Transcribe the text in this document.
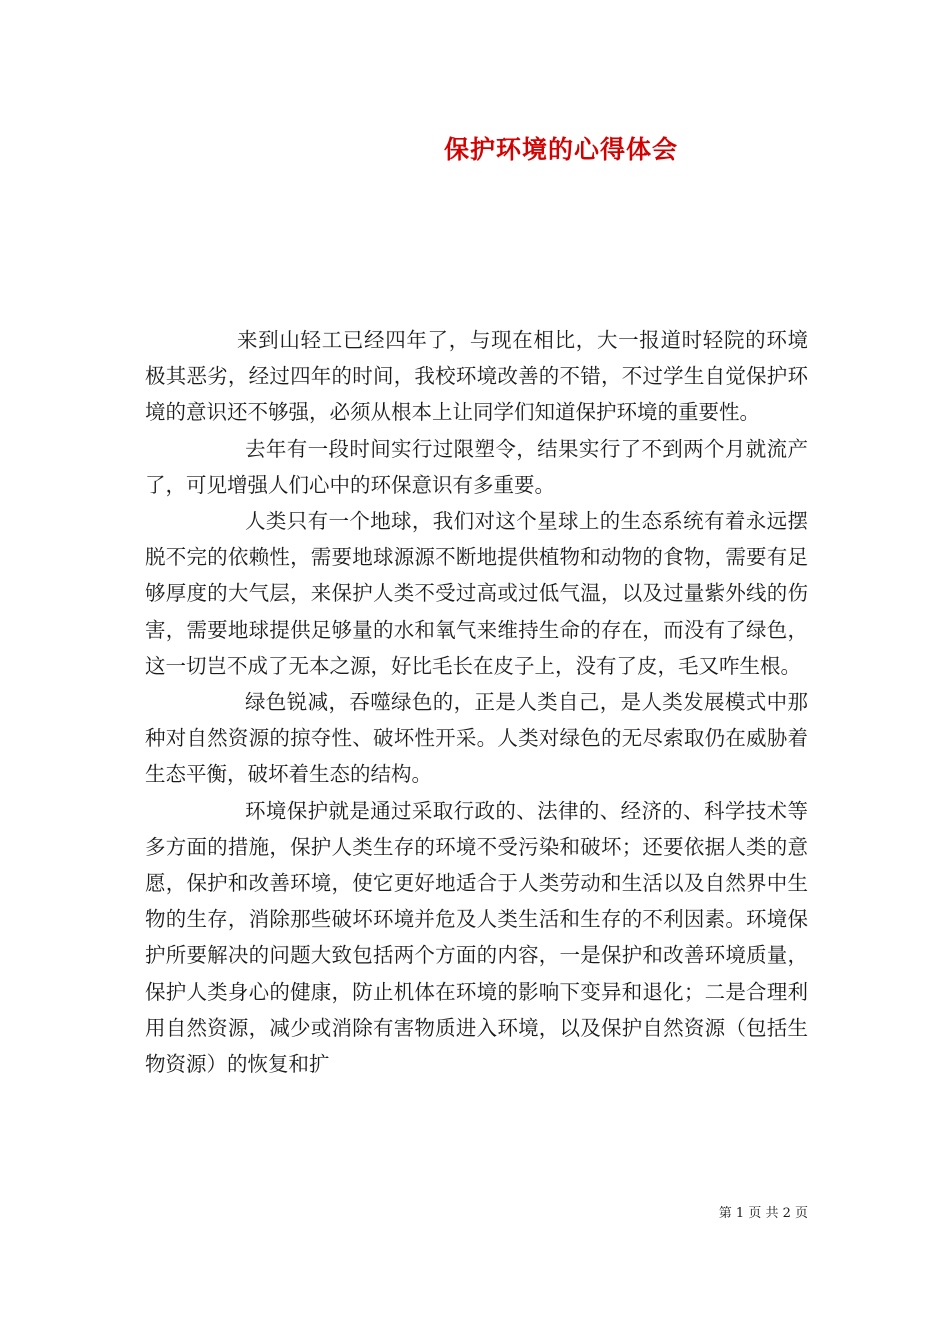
保护环境的心得体会

来到山轻工已经四年了，与现在相比，大一报道时轻院的环境极其恶劣，经过四年的时间，我校环境改善的不错，不过学生自觉保护环境的意识还不够强，必须从根本上让同学们知道保护环境的重要性。

去年有一段时间实行过限塑令，结果实行了不到两个月就流产了，可见增强人们心中的环保意识有多重要。

人类只有一个地球，我们对这个星球上的生态系统有着永远摆脱不完的依赖性，需要地球源源不断地提供植物和动物的食物，需要有足够厚度的大气层，来保护人类不受过高或过低气温，以及过量紫外线的伤害，需要地球提供足够量的水和氧气来维持生命的存在，而没有了绿色，这一切岂不成了无本之源，好比毛长在皮子上，没有了皮，毛又咋生根。

绿色锐减，吞噬绿色的，正是人类自己，是人类发展模式中那种对自然资源的掠夺性、破坏性开采。人类对绿色的无尽索取仍在威胁着生态平衡，破坏着生态的结构。

环境保护就是通过采取行政的、法律的、经济的、科学技术等多方面的措施，保护人类生存的环境不受污染和破坏；还要依据人类的意愿，保护和改善环境，使它更好地适合于人类劳动和生活以及自然界中生物的生存，消除那些破坏环境并危及人类生活和生存的不利因素。环境保护所要解决的问题大致包括两个方面的内容，一是保护和改善环境质量，保护人类身心的健康，防止机体在环境的影响下变异和退化；二是合理利用自然资源，减少或消除有害物质进入环境，以及保护自然资源（包括生物资源）的恢复和扩

第 1 页 共 2 页
